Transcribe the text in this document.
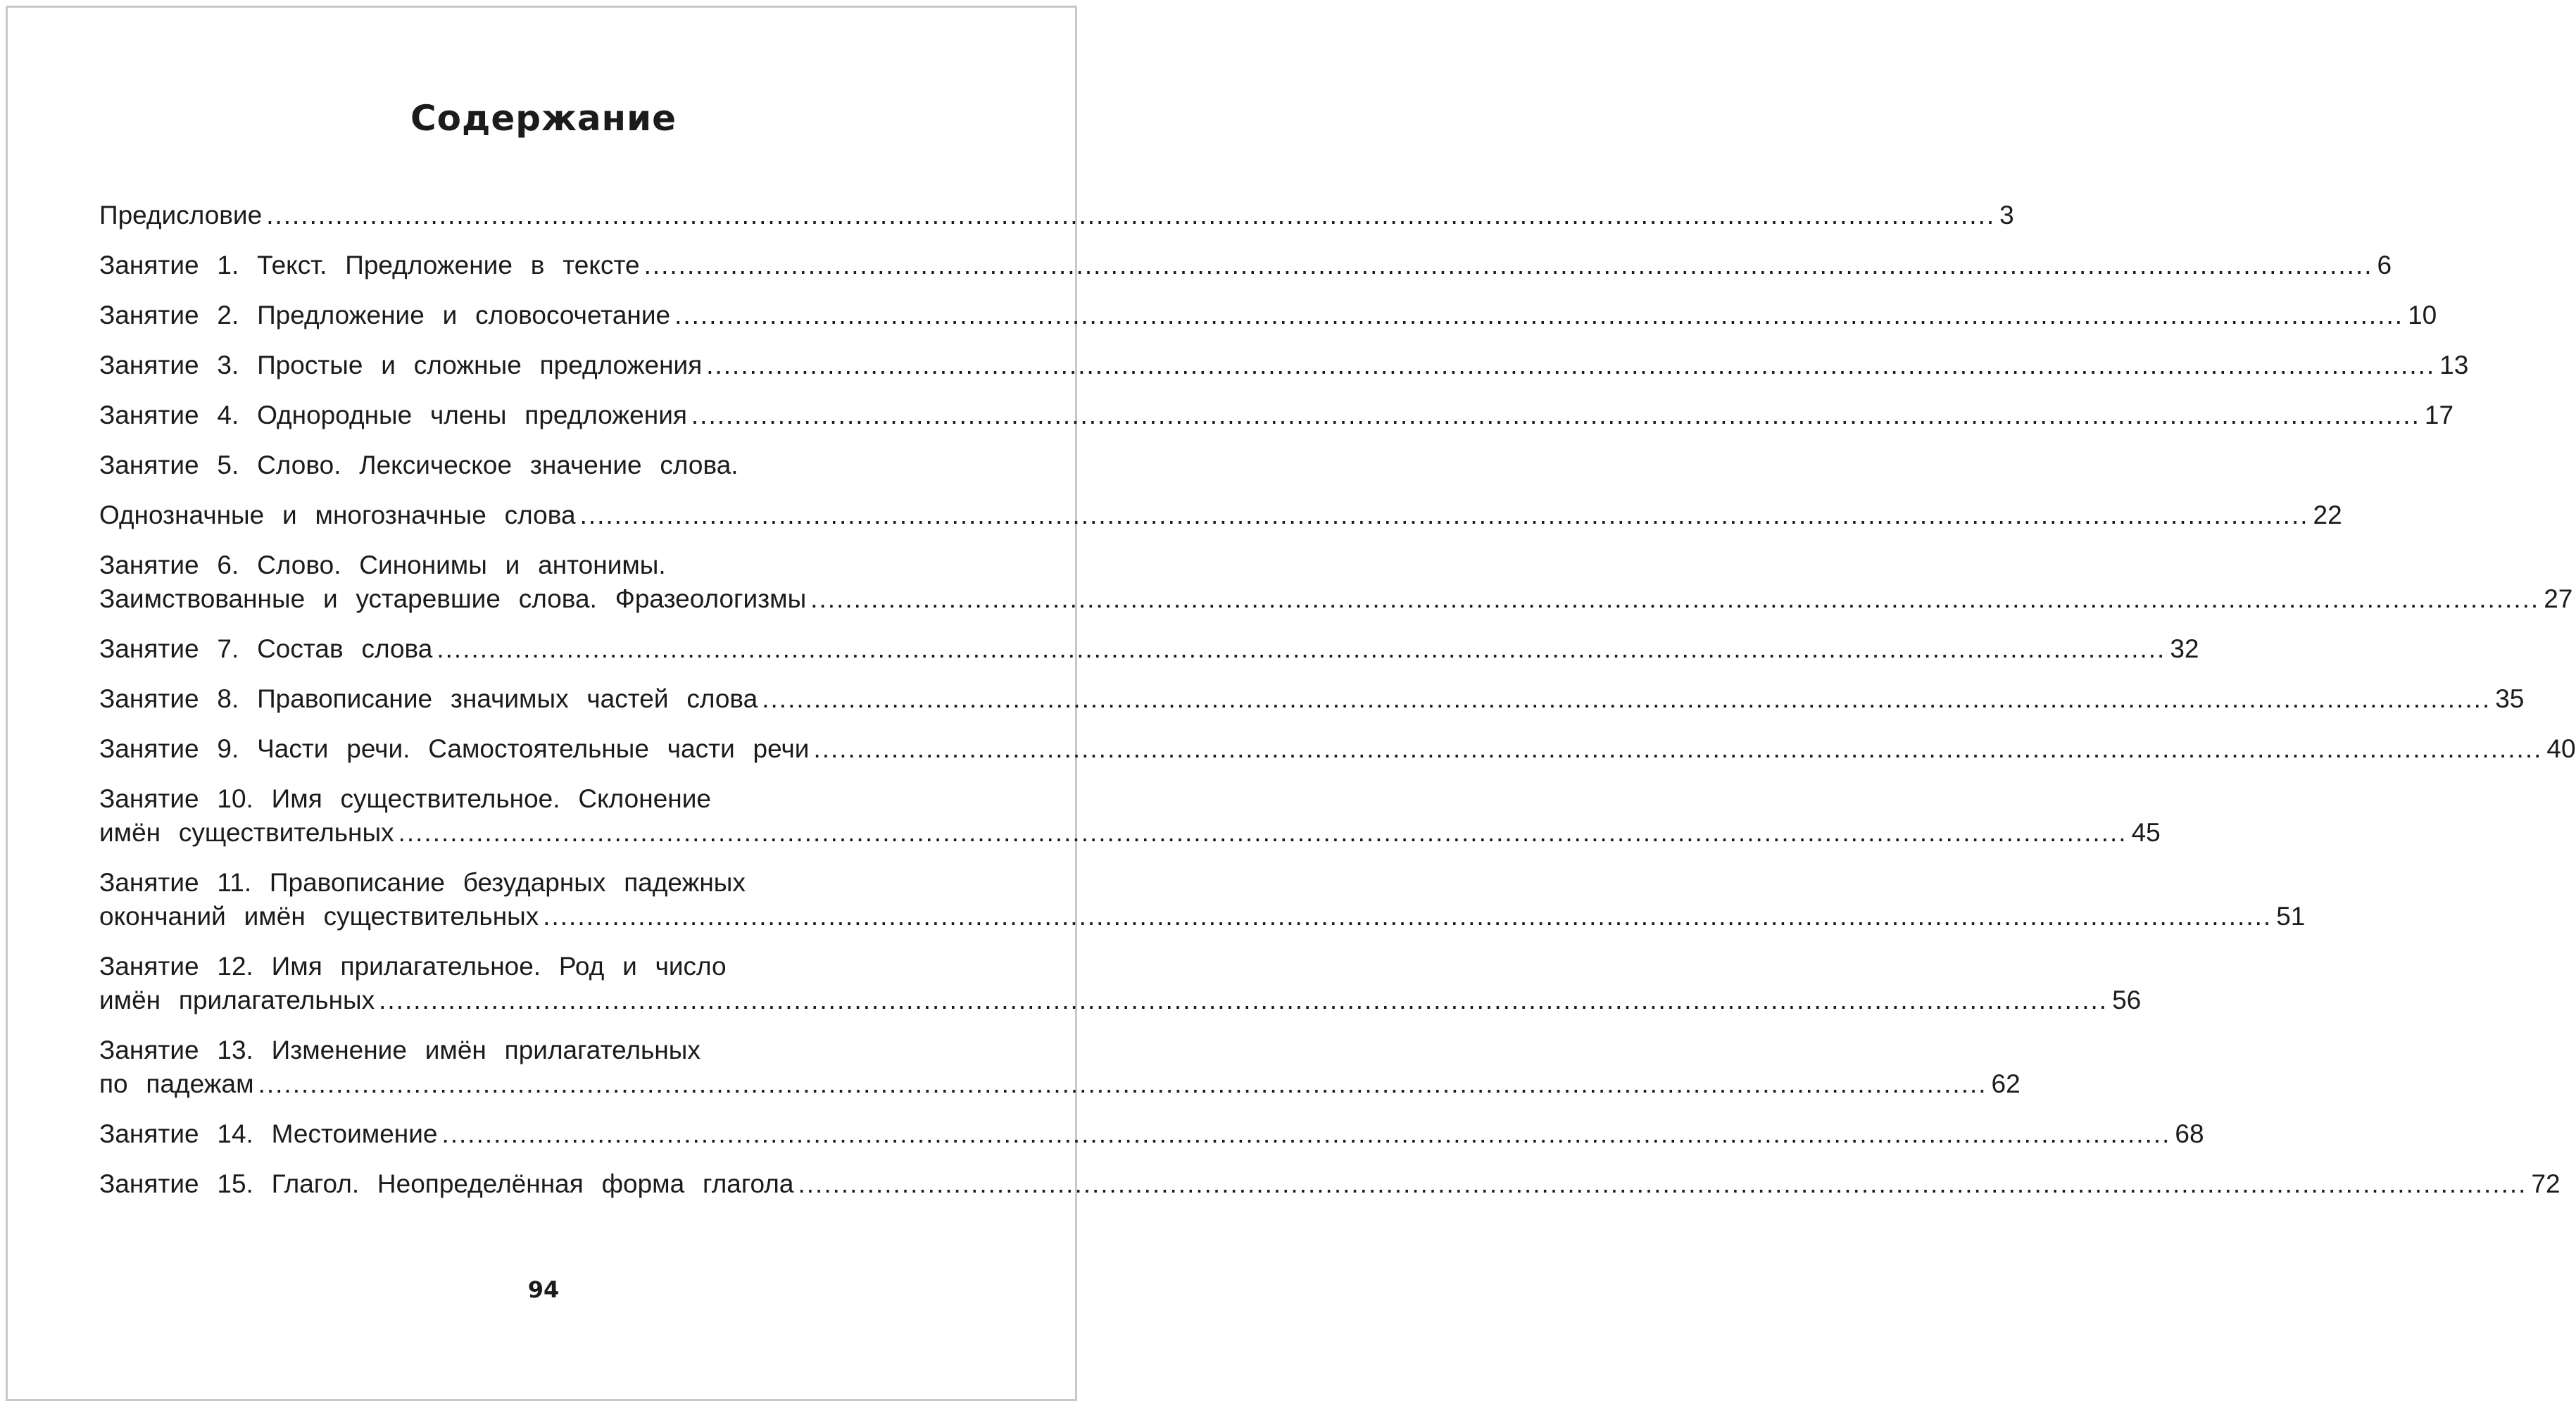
Содержание
Предисловие ........................................................................................................................................................................................................ 3
Занятие 1. Текст. Предложение в тексте ........................................................................................................................................................................................................ 6
Занятие 2. Предложение и словосочетание ........................................................................................................................................................................................................ 10
Занятие 3. Простые и сложные предложения ........................................................................................................................................................................................................ 13
Занятие 4. Однородные члены предложения ........................................................................................................................................................................................................ 17
Занятие 5. Слово. Лексическое значение слова.
Однозначные и многозначные слова ........................................................................................................................................................................................................ 22
Занятие 6. Слово. Синонимы и антонимы.
Заимствованные и устаревшие слова. Фразеологизмы ........................................................................................................................................................................................................ 27
Занятие 7. Состав слова ........................................................................................................................................................................................................ 32
Занятие 8. Правописание значимых частей слова ........................................................................................................................................................................................................ 35
Занятие 9. Части речи. Самостоятельные части речи ........................................................................................................................................................................................................ 40
Занятие 10. Имя существительное. Склонение
имён существительных ........................................................................................................................................................................................................ 45
Занятие 11. Правописание безударных падежных
окончаний имён существительных ........................................................................................................................................................................................................ 51
Занятие 12. Имя прилагательное. Род и число
имён прилагательных ........................................................................................................................................................................................................ 56
Занятие 13. Изменение имён прилагательных
по падежам ........................................................................................................................................................................................................ 62
Занятие 14. Местоимение ........................................................................................................................................................................................................ 68
Занятие 15. Глагол. Неопределённая форма глагола ........................................................................................................................................................................................................ 72
94
